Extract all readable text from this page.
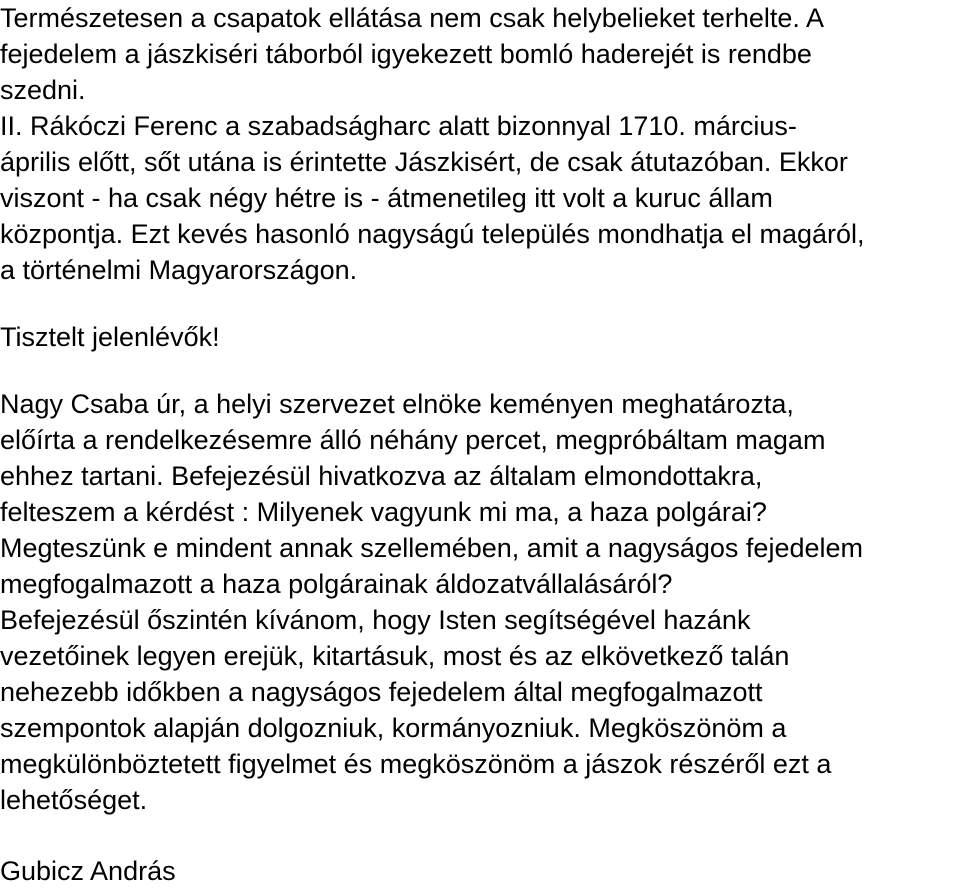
Természetesen a csapatok ellátása nem csak helybelieket terhelte. A
fejedelem a jászkiséri táborból igyekezett bomló haderejét is rendbe
szedni.
II. Rákóczi Ferenc a szabadságharc alatt bizonnyal 1710. március-
április előtt, sőt utána is érintette Jászkisért, de csak átutazóban. Ekkor
viszont - ha csak négy hétre is - átmenetileg itt volt a kuruc állam
központja. Ezt kevés hasonló nagyságú település mondhatja el magáról,
a történelmi Magyarországon.
Tisztelt jelenlévők!
Nagy Csaba úr, a helyi szervezet elnöke keményen meghatározta,
előírta a rendelkezésemre álló néhány percet, megpróbáltam magam
ehhez tartani. Befejezésül hivatkozva az általam elmondottakra,
felteszem a kérdést : Milyenek vagyunk mi ma, a haza polgárai?
Megteszünk e mindent annak szellemében, amit a nagyságos fejedelem
megfogalmazott a haza polgárainak áldozatvállalásáról?
Befejezésül őszintén kívánom, hogy Isten segítségével hazánk
vezetőinek legyen erejük, kitartásuk, most és az elkövetkező talán
nehezebb időkben a nagyságos fejedelem által megfogalmazott
szempontok alapján dolgozniuk, kormányozniuk. Megköszönöm a
megkülönböztetett figyelmet és megköszönöm a jászok részéről ezt a
lehetőséget.
Gubicz András
